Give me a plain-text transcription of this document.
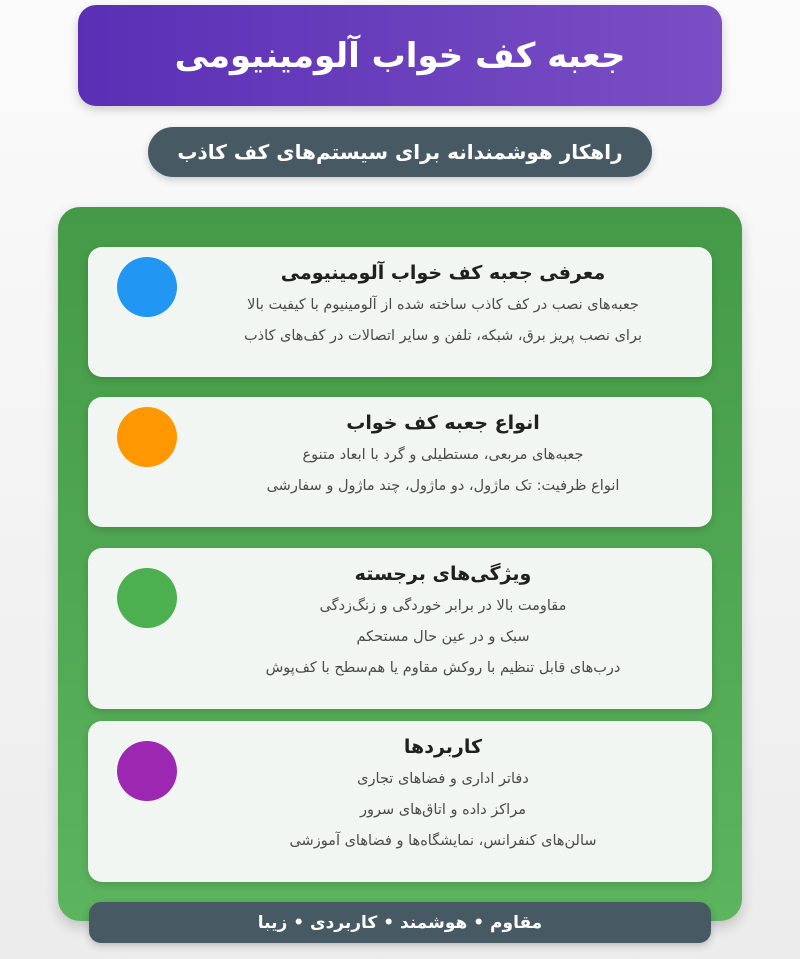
جعبه کف خواب آلومینیومی
راهکار هوشمندانه برای سیستم‌های کف کاذب
معرفی جعبه کف خواب آلومینیومی
جعبه‌های نصب در کف کاذب ساخته شده از آلومینیوم با کیفیت بالا
برای نصب پریز برق، شبکه، تلفن و سایر اتصالات در کف‌های کاذب
انواع جعبه کف خواب
جعبه‌های مربعی، مستطیلی و گرد با ابعاد متنوع
انواع ظرفیت: تک ماژول، دو ماژول، چند ماژول و سفارشی
ویژگی‌های برجسته
مقاومت بالا در برابر خوردگی و زنگ‌زدگی
سبک و در عین حال مستحکم
درب‌های قابل تنظیم با روکش مقاوم یا هم‌سطح با کف‌پوش
کاربردها
دفاتر اداری و فضاهای تجاری
مراکز داده و اتاق‌های سرور
سالن‌های کنفرانس، نمایشگاه‌ها و فضاهای آموزشی
مقاوم • هوشمند • کاربردی • زیبا
